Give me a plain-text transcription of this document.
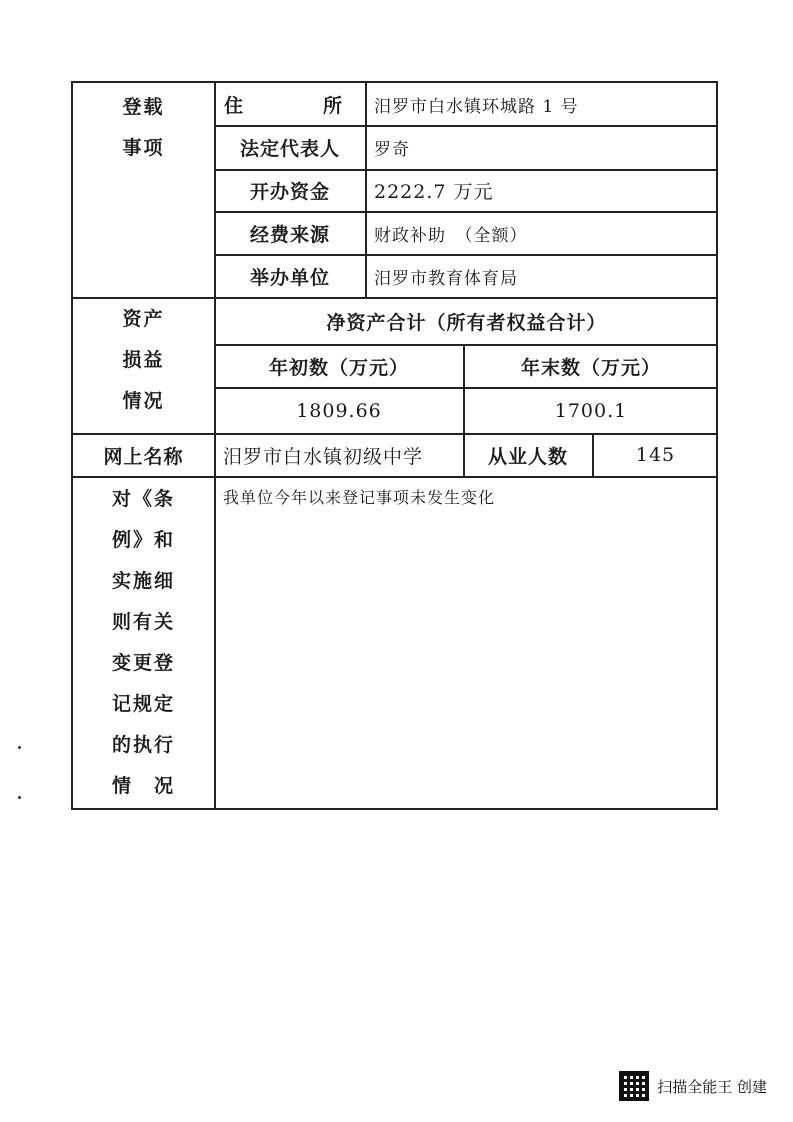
登载
事项
住　　所	汨罗市白水镇环城路 1 号
法定代表人	罗奇
开办资金	2222.7 万元
经费来源	财政补助　（全额）
举办单位	汨罗市教育体育局
资产
损益
情况
净资产合计（所有者权益合计）
年初数（万元）	年末数（万元）
1809.66	1700.1
网上名称	汨罗市白水镇初级中学	从业人数	145
对《条
例》和
实施细
则有关
变更登
记规定
的执行
情　况
我单位今年以来登记事项未发生变化
扫描全能王 创建
